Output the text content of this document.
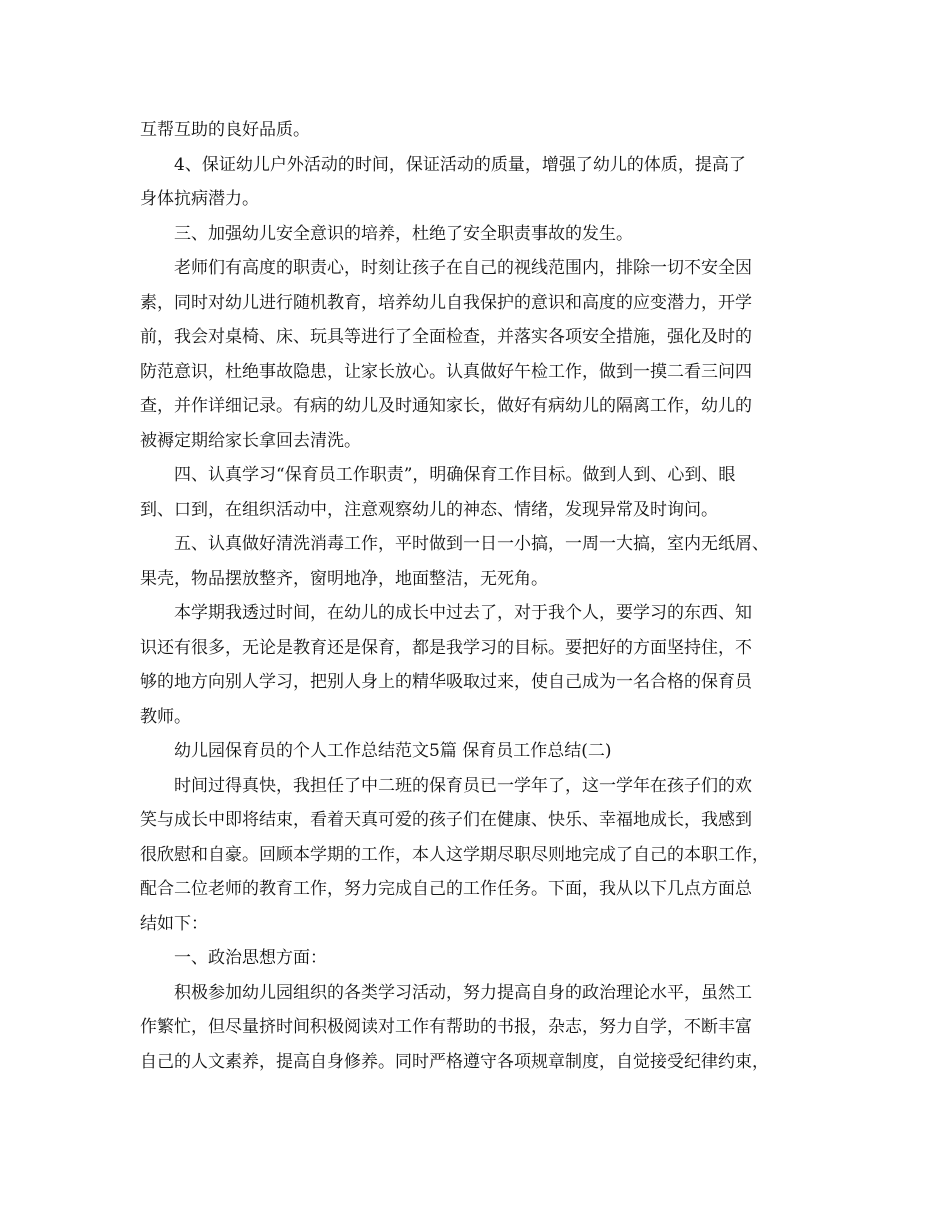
互帮互助的良好品质。
4、保证幼儿户外活动的时间，保证活动的质量，增强了幼儿的体质，提高了
身体抗病潜力。
三、加强幼儿安全意识的培养，杜绝了安全职责事故的发生。
老师们有高度的职责心，时刻让孩子在自己的视线范围内，排除一切不安全因
素，同时对幼儿进行随机教育，培养幼儿自我保护的意识和高度的应变潜力，开学
前，我会对桌椅、床、玩具等进行了全面检查，并落实各项安全措施，强化及时的
防范意识，杜绝事故隐患，让家长放心。认真做好午检工作，做到一摸二看三问四
查，并作详细记录。有病的幼儿及时通知家长，做好有病幼儿的隔离工作，幼儿的
被褥定期给家长拿回去清洗。
四、认真学习“保育员工作职责”，明确保育工作目标。做到人到、心到、眼
到、口到，在组织活动中，注意观察幼儿的神态、情绪，发现异常及时询问。
五、认真做好清洗消毒工作，平时做到一日一小搞，一周一大搞，室内无纸屑、
果壳，物品摆放整齐，窗明地净，地面整洁，无死角。
本学期我透过时间，在幼儿的成长中过去了，对于我个人，要学习的东西、知
识还有很多，无论是教育还是保育，都是我学习的目标。要把好的方面坚持住，不
够的地方向别人学习，把别人身上的精华吸取过来，使自己成为一名合格的保育员
教师。
幼儿园保育员的个人工作总结范文5篇 保育员工作总结(二)
时间过得真快，我担任了中二班的保育员已一学年了，这一学年在孩子们的欢
笑与成长中即将结束，看着天真可爱的孩子们在健康、快乐、幸福地成长，我感到
很欣慰和自豪。回顾本学期的工作，本人这学期尽职尽则地完成了自己的本职工作，
配合二位老师的教育工作，努力完成自己的工作任务。下面，我从以下几点方面总
结如下：
一、政治思想方面：
积极参加幼儿园组织的各类学习活动，努力提高自身的政治理论水平，虽然工
作繁忙，但尽量挤时间积极阅读对工作有帮助的书报，杂志，努力自学，不断丰富
自己的人文素养，提高自身修养。同时严格遵守各项规章制度，自觉接受纪律约束，
